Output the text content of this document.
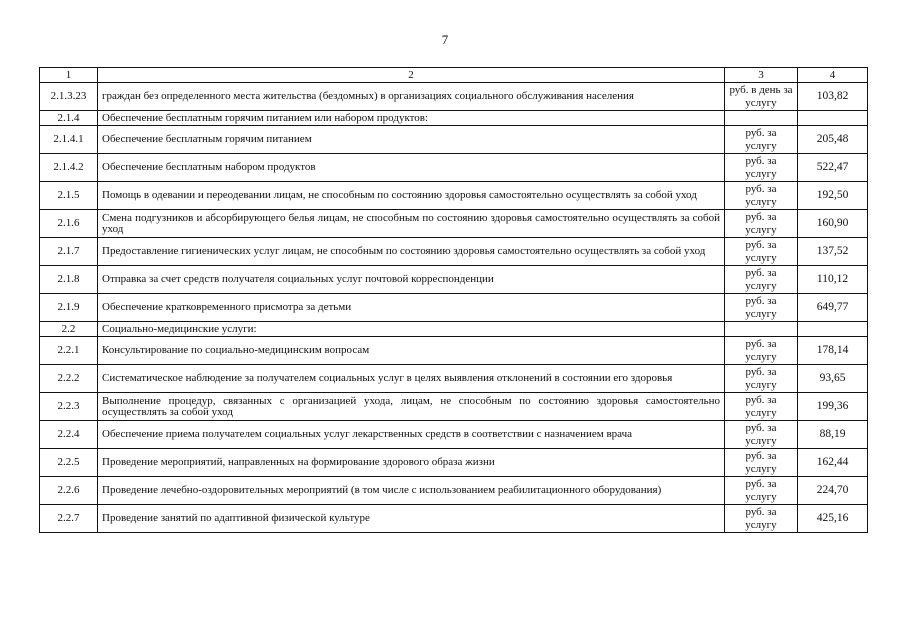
7
1	2	3	4
2.1.3.23	граждан без определенного места жительства (бездомных) в организациях социального обслуживания населения	руб. в день за услугу	103,82
2.1.4	Обеспечение бесплатным горячим питанием или набором продуктов:		
2.1.4.1	Обеспечение бесплатным горячим питанием	руб. за услугу	205,48
2.1.4.2	Обеспечение бесплатным набором продуктов	руб. за услугу	522,47
2.1.5	Помощь в одевании и переодевании лицам, не способным по состоянию здоровья самостоятельно осуществлять за собой уход	руб. за услугу	192,50
2.1.6	Смена подгузников и абсорбирующего белья лицам, не способным по состоянию здоровья самостоятельно осуществлять за собой уход	руб. за услугу	160,90
2.1.7	Предоставление гигиенических услуг лицам, не способным по состоянию здоровья самостоятельно осуществлять за собой уход	руб. за услугу	137,52
2.1.8	Отправка за счет средств получателя социальных услуг почтовой корреспонденции	руб. за услугу	110,12
2.1.9	Обеспечение кратковременного присмотра за детьми	руб. за услугу	649,77
2.2	Социально-медицинские услуги:		
2.2.1	Консультирование по социально-медицинским вопросам	руб. за услугу	178,14
2.2.2	Систематическое наблюдение за получателем социальных услуг в целях выявления отклонений в состоянии его здоровья	руб. за услугу	93,65
2.2.3	Выполнение процедур, связанных с организацией ухода, лицам, не способным по состоянию здоровья самостоятельно осуществлять за собой уход	руб. за услугу	199,36
2.2.4	Обеспечение приема получателем социальных услуг лекарственных средств в соответствии с назначением врача	руб. за услугу	88,19
2.2.5	Проведение мероприятий, направленных на формирование здорового образа жизни	руб. за услугу	162,44
2.2.6	Проведение лечебно-оздоровительных мероприятий (в том числе с использованием реабилитационного оборудования)	руб. за услугу	224,70
2.2.7	Проведение занятий по адаптивной физической культуре	руб. за услугу	425,16
